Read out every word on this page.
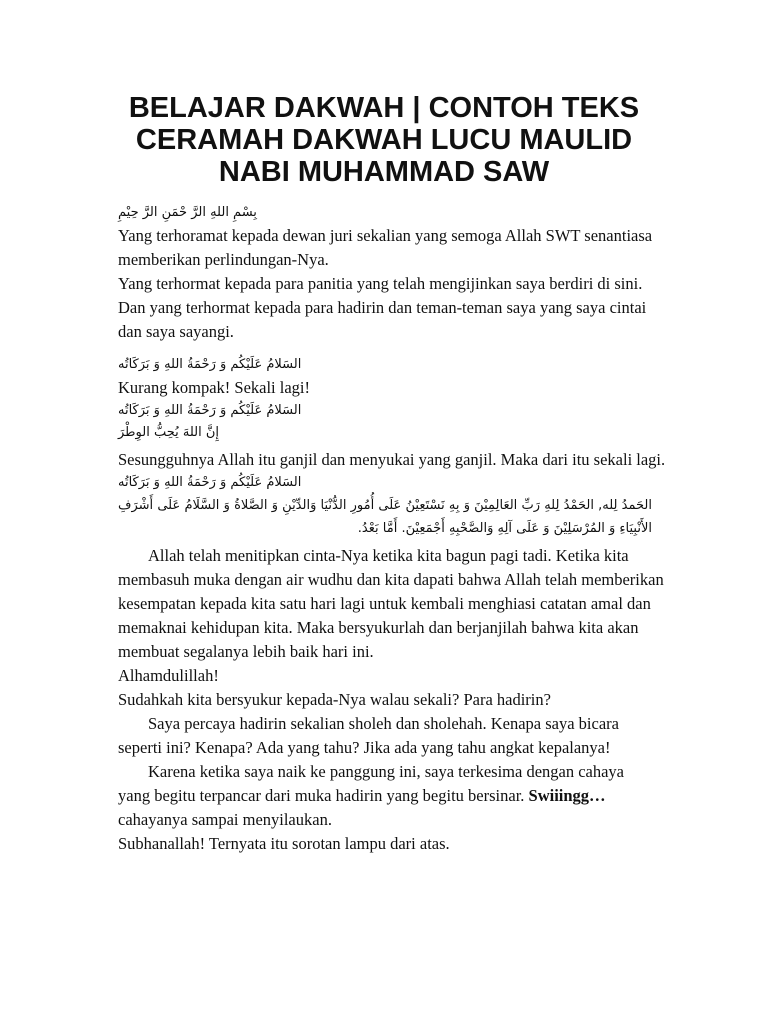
BELAJAR DAKWAH | CONTOH TEKS
CERAMAH DAKWAH LUCU MAULID
NABI MUHAMMAD SAW
بِسْمِ اللهِ الرَّ حْمَنِ الرَّ حِيْمِ
Yang terhoramat kepada dewan juri sekalian yang semoga Allah SWT senantiasa
memberikan perlindungan-Nya.
Yang terhormat kepada para panitia yang telah mengijinkan saya berdiri di sini.
Dan yang terhormat kepada para hadirin dan teman-teman saya yang saya cintai
dan saya sayangi.
السَلامُ عَلَيْكُم وَ رَحْمَةُ اللهِ وَ بَرَكَاتُه
Kurang kompak! Sekali lagi!
السَلامُ عَلَيْكُم وَ رَحْمَةُ اللهِ وَ بَرَكَاتُه
إِنَّ اللهَ يُحِبُّ الوِطْرَ
Sesungguhnya Allah itu ganjil dan menyukai yang ganjil. Maka dari itu sekali lagi.
السَلامُ عَلَيْكُم وَ رَحْمَةُ اللهِ وَ بَرَكَاتُه
الحَمدُ لِله, الحَمْدُ لِلهِ رَبِّ العَالِمِيْنَ وَ بِهِ نَسْتَعِيْنُ عَلَى أُمُورِ الدُّنْيَا وَالدِّيْنِ وَ الصَّلاةُ وَ السَّلَامُ عَلَى أَشْرَفِ الأَنْبِيَاءِ وَ المُرْسَلِيْنَ وَ عَلَى آلِهِ وَالصَّحْبِهِ أَجْمَعِيْنَ. أَمَّا بَعْدُ.
Allah telah menitipkan cinta-Nya ketika kita bagun pagi tadi. Ketika kita
membasuh muka dengan air wudhu dan kita dapati bahwa Allah telah memberikan
kesempatan kepada kita satu hari lagi untuk kembali menghiasi catatan amal dan
memaknai kehidupan kita. Maka bersyukurlah dan berjanjilah bahwa kita akan
membuat segalanya lebih baik hari ini.
Alhamdulillah!
Sudahkah kita bersyukur kepada-Nya walau sekali? Para hadirin?
Saya percaya hadirin sekalian sholeh dan sholehah. Kenapa saya bicara
seperti ini? Kenapa? Ada yang tahu? Jika ada yang tahu angkat kepalanya!
Karena ketika saya naik ke panggung ini, saya terkesima dengan cahaya
yang begitu terpancar dari muka hadirin yang begitu bersinar. Swiiingg…
cahayanya sampai menyilaukan.
Subhanallah! Ternyata itu sorotan lampu dari atas.
